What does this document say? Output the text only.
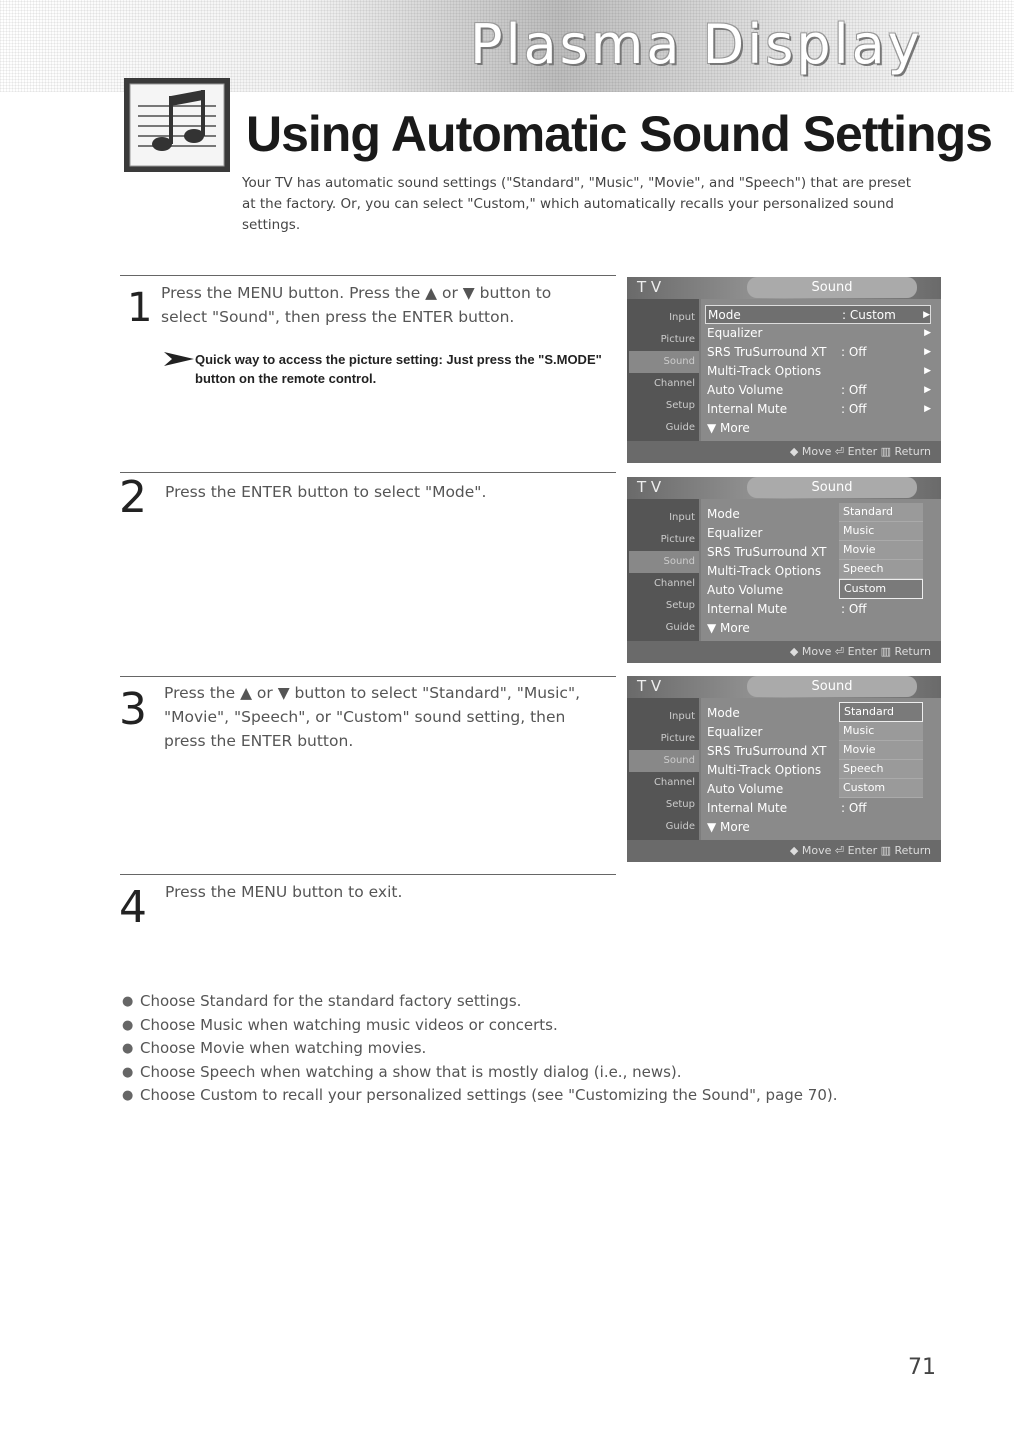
Plasma Display
Using Automatic Sound Settings
Your TV has automatic sound settings ("Standard", "Music", "Movie", and "Speech") that are preset at the factory. Or, you can select "Custom," which automatically recalls your personalized sound settings.
1 Press the MENU button. Press the ▲ or ▼ button to select "Sound", then press the ENTER button.
Quick way to access the picture setting: Just press the "S.MODE" button on the remote control.
2 Press the ENTER button to select "Mode".
3 Press the ▲ or ▼ button to select "Standard", "Music", "Movie", "Speech", or "Custom" sound setting, then press the ENTER button.
4 Press the MENU button to exit.
T V	Sound
Input
Picture
Sound
Channel
Setup
Guide
Mode	: Custom	▶
Equalizer	▶
SRS TruSurround XT : Off	▶
Multi-Track Options	▶
Auto Volume	: Off	▶
Internal Mute	: Off	▶
▼ More
◆ Move ⏎ Enter ▥ Return
T V	Sound
Input
Picture
Sound
Channel
Setup
Guide
Mode
Equalizer
SRS TruSurround XT
Multi-Track Options
Auto Volume
Internal Mute	: Off
▼ More
Standard
Music
Movie
Speech
Custom
◆ Move ⏎ Enter ▥ Return
T V	Sound
Input
Picture
Sound
Channel
Setup
Guide
Mode
Equalizer
SRS TruSurround XT
Multi-Track Options
Auto Volume
Internal Mute	: Off
▼ More
Standard
Music
Movie
Speech
Custom
◆ Move ⏎ Enter ▥ Return
● Choose Standard for the standard factory settings.
● Choose Music when watching music videos or concerts.
● Choose Movie when watching movies.
● Choose Speech when watching a show that is mostly dialog (i.e., news).
● Choose Custom to recall your personalized settings (see "Customizing the Sound", page 70).
71
